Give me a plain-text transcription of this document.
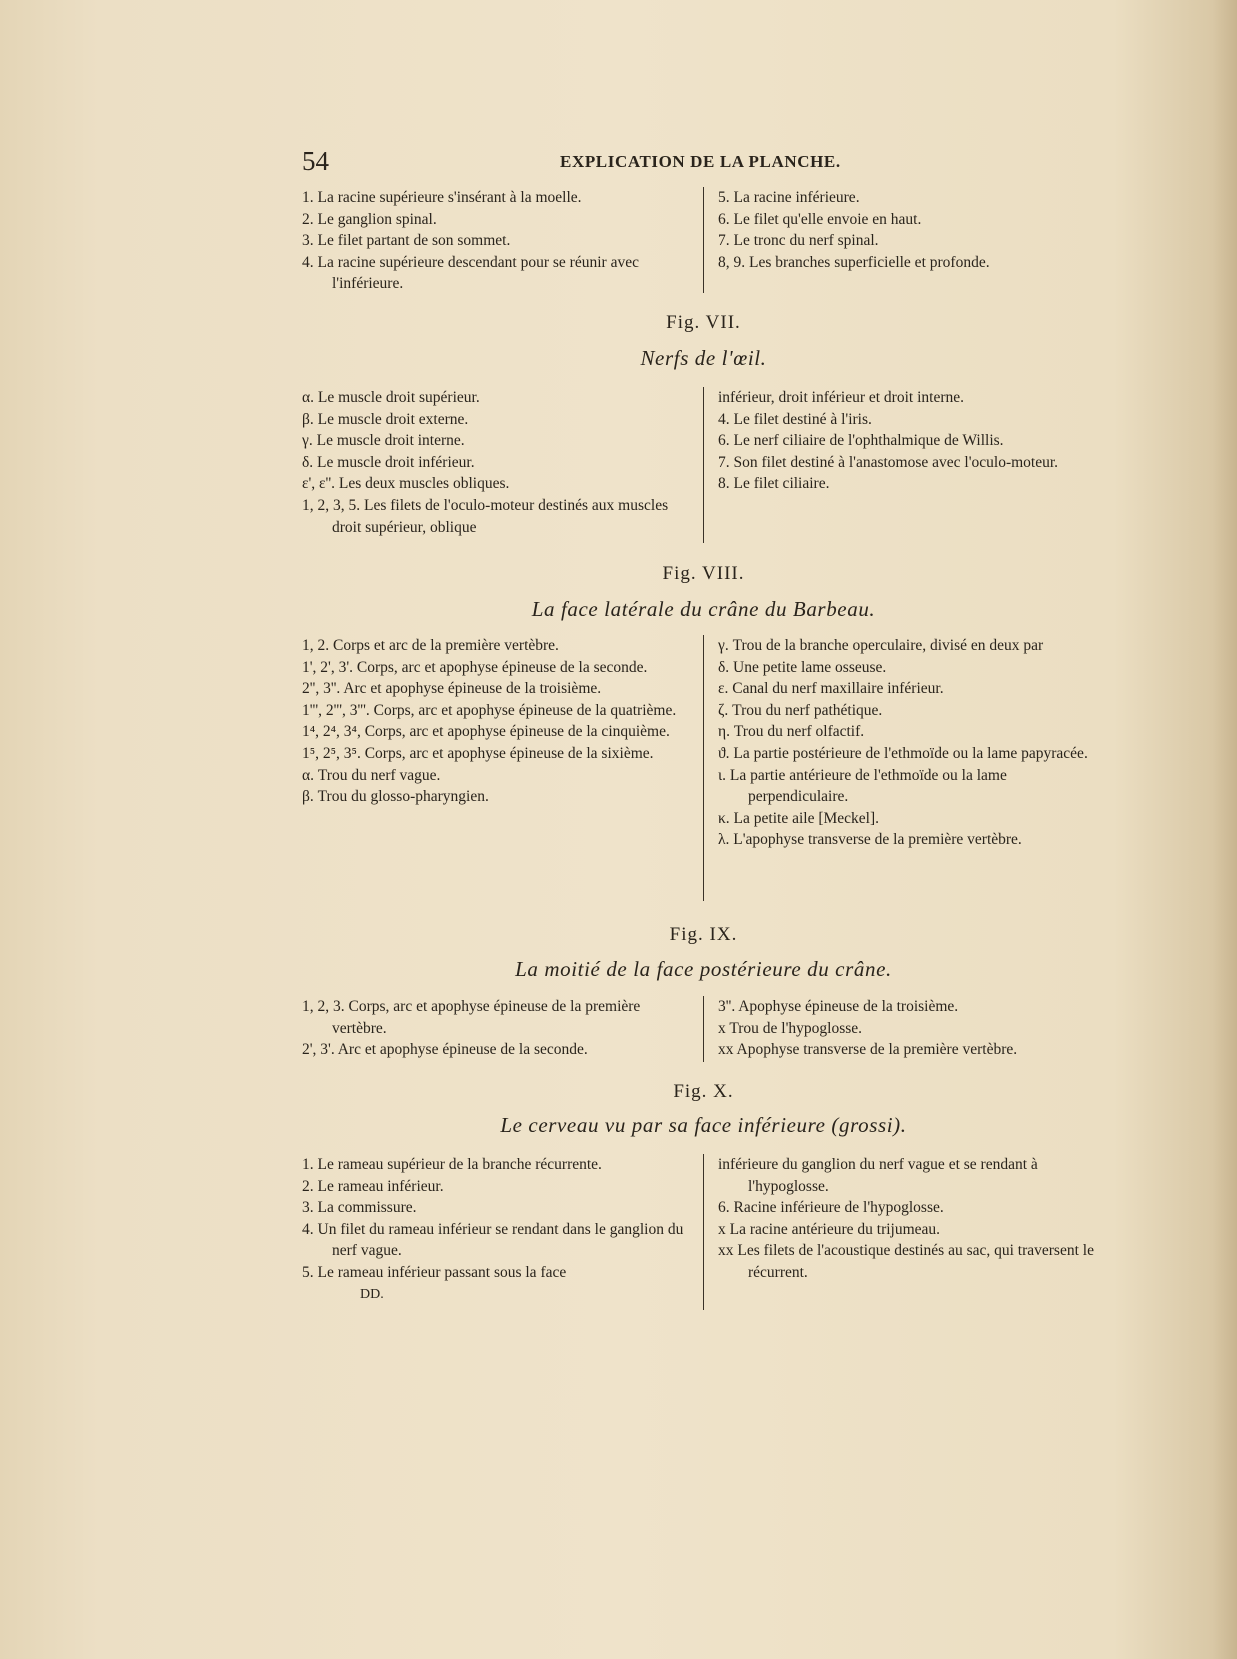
54	EXPLICATION DE LA PLANCHE.
1. La racine supérieure s'insérant à la moelle.
2. Le ganglion spinal.
3. Le filet partant de son sommet.
4. La racine supérieure descendant pour se réunir avec l'inférieure.
5. La racine inférieure.
6. Le filet qu'elle envoie en haut.
7. Le tronc du nerf spinal.
8, 9. Les branches superficielle et profonde.
Fig. VII.
Nerfs de l'œil.
α. Le muscle droit supérieur.
β. Le muscle droit externe.
γ. Le muscle droit interne.
δ. Le muscle droit inférieur.
ε', ε''. Les deux muscles obliques.
1, 2, 3, 5. Les filets de l'oculo-moteur destinés aux muscles droit supérieur, oblique
inférieur, droit inférieur et droit interne.
4. Le filet destiné à l'iris.
6. Le nerf ciliaire de l'ophthalmique de Willis.
7. Son filet destiné à l'anastomose avec l'oculo-moteur.
8. Le filet ciliaire.
Fig. VIII.
La face latérale du crâne du Barbeau.
1, 2. Corps et arc de la première vertèbre.
1', 2', 3'. Corps, arc et apophyse épineuse de la seconde.
2'', 3''. Arc et apophyse épineuse de la troisième.
1''', 2''', 3'''. Corps, arc et apophyse épineuse de la quatrième.
1⁴, 2⁴, 3⁴, Corps, arc et apophyse épineuse de la cinquième.
1⁵, 2⁵, 3⁵. Corps, arc et apophyse épineuse de la sixième.
α. Trou du nerf vague.
β. Trou du glosso-pharyngien.
γ. Trou de la branche operculaire, divisé en deux par
δ. Une petite lame osseuse.
ε. Canal du nerf maxillaire inférieur.
ζ. Trou du nerf pathétique.
η. Trou du nerf olfactif.
ϑ. La partie postérieure de l'ethmoïde ou la lame papyracée.
ι. La partie antérieure de l'ethmoïde ou la lame perpendiculaire.
κ. La petite aile [Meckel].
λ. L'apophyse transverse de la première vertèbre.
Fig. IX.
La moitié de la face postérieure du crâne.
1, 2, 3. Corps, arc et apophyse épineuse de la première vertèbre.
2', 3'. Arc et apophyse épineuse de la seconde.
3''. Apophyse épineuse de la troisième.
x Trou de l'hypoglosse.
xx Apophyse transverse de la première vertèbre.
Fig. X.
Le cerveau vu par sa face inférieure (grossi).
1. Le rameau supérieur de la branche récurrente.
2. Le rameau inférieur.
3. La commissure.
4. Un filet du rameau inférieur se rendant dans le ganglion du nerf vague.
5. Le rameau inférieur passant sous la face
DD.
inférieure du ganglion du nerf vague et se rendant à l'hypoglosse.
6. Racine inférieure de l'hypoglosse.
x La racine antérieure du trijumeau.
xx Les filets de l'acoustique destinés au sac, qui traversent le récurrent.
